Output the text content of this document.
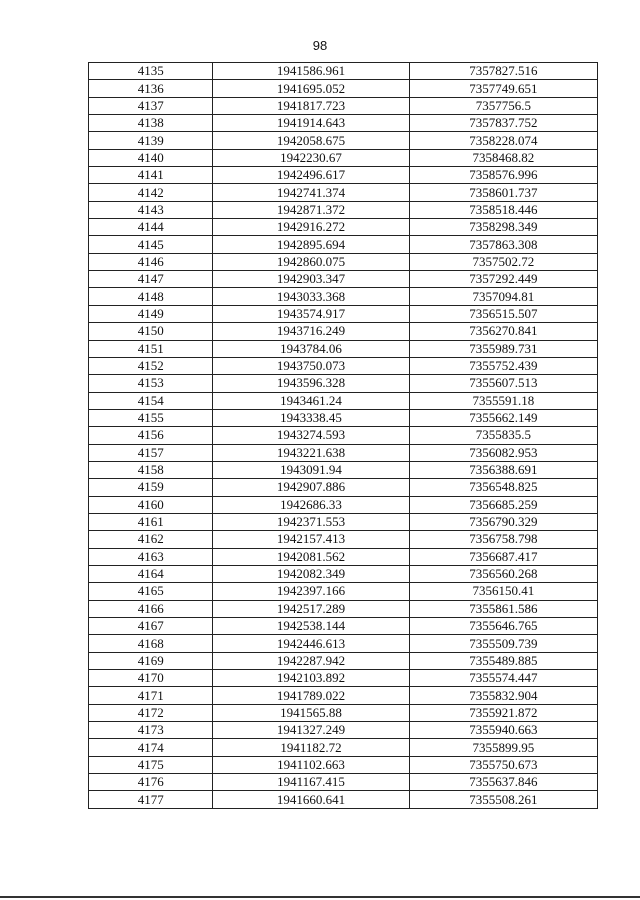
98
4135	1941586.961	7357827.516
4136	1941695.052	7357749.651
4137	1941817.723	7357756.5
4138	1941914.643	7357837.752
4139	1942058.675	7358228.074
4140	1942230.67	7358468.82
4141	1942496.617	7358576.996
4142	1942741.374	7358601.737
4143	1942871.372	7358518.446
4144	1942916.272	7358298.349
4145	1942895.694	7357863.308
4146	1942860.075	7357502.72
4147	1942903.347	7357292.449
4148	1943033.368	7357094.81
4149	1943574.917	7356515.507
4150	1943716.249	7356270.841
4151	1943784.06	7355989.731
4152	1943750.073	7355752.439
4153	1943596.328	7355607.513
4154	1943461.24	7355591.18
4155	1943338.45	7355662.149
4156	1943274.593	7355835.5
4157	1943221.638	7356082.953
4158	1943091.94	7356388.691
4159	1942907.886	7356548.825
4160	1942686.33	7356685.259
4161	1942371.553	7356790.329
4162	1942157.413	7356758.798
4163	1942081.562	7356687.417
4164	1942082.349	7356560.268
4165	1942397.166	7356150.41
4166	1942517.289	7355861.586
4167	1942538.144	7355646.765
4168	1942446.613	7355509.739
4169	1942287.942	7355489.885
4170	1942103.892	7355574.447
4171	1941789.022	7355832.904
4172	1941565.88	7355921.872
4173	1941327.249	7355940.663
4174	1941182.72	7355899.95
4175	1941102.663	7355750.673
4176	1941167.415	7355637.846
4177	1941660.641	7355508.261
